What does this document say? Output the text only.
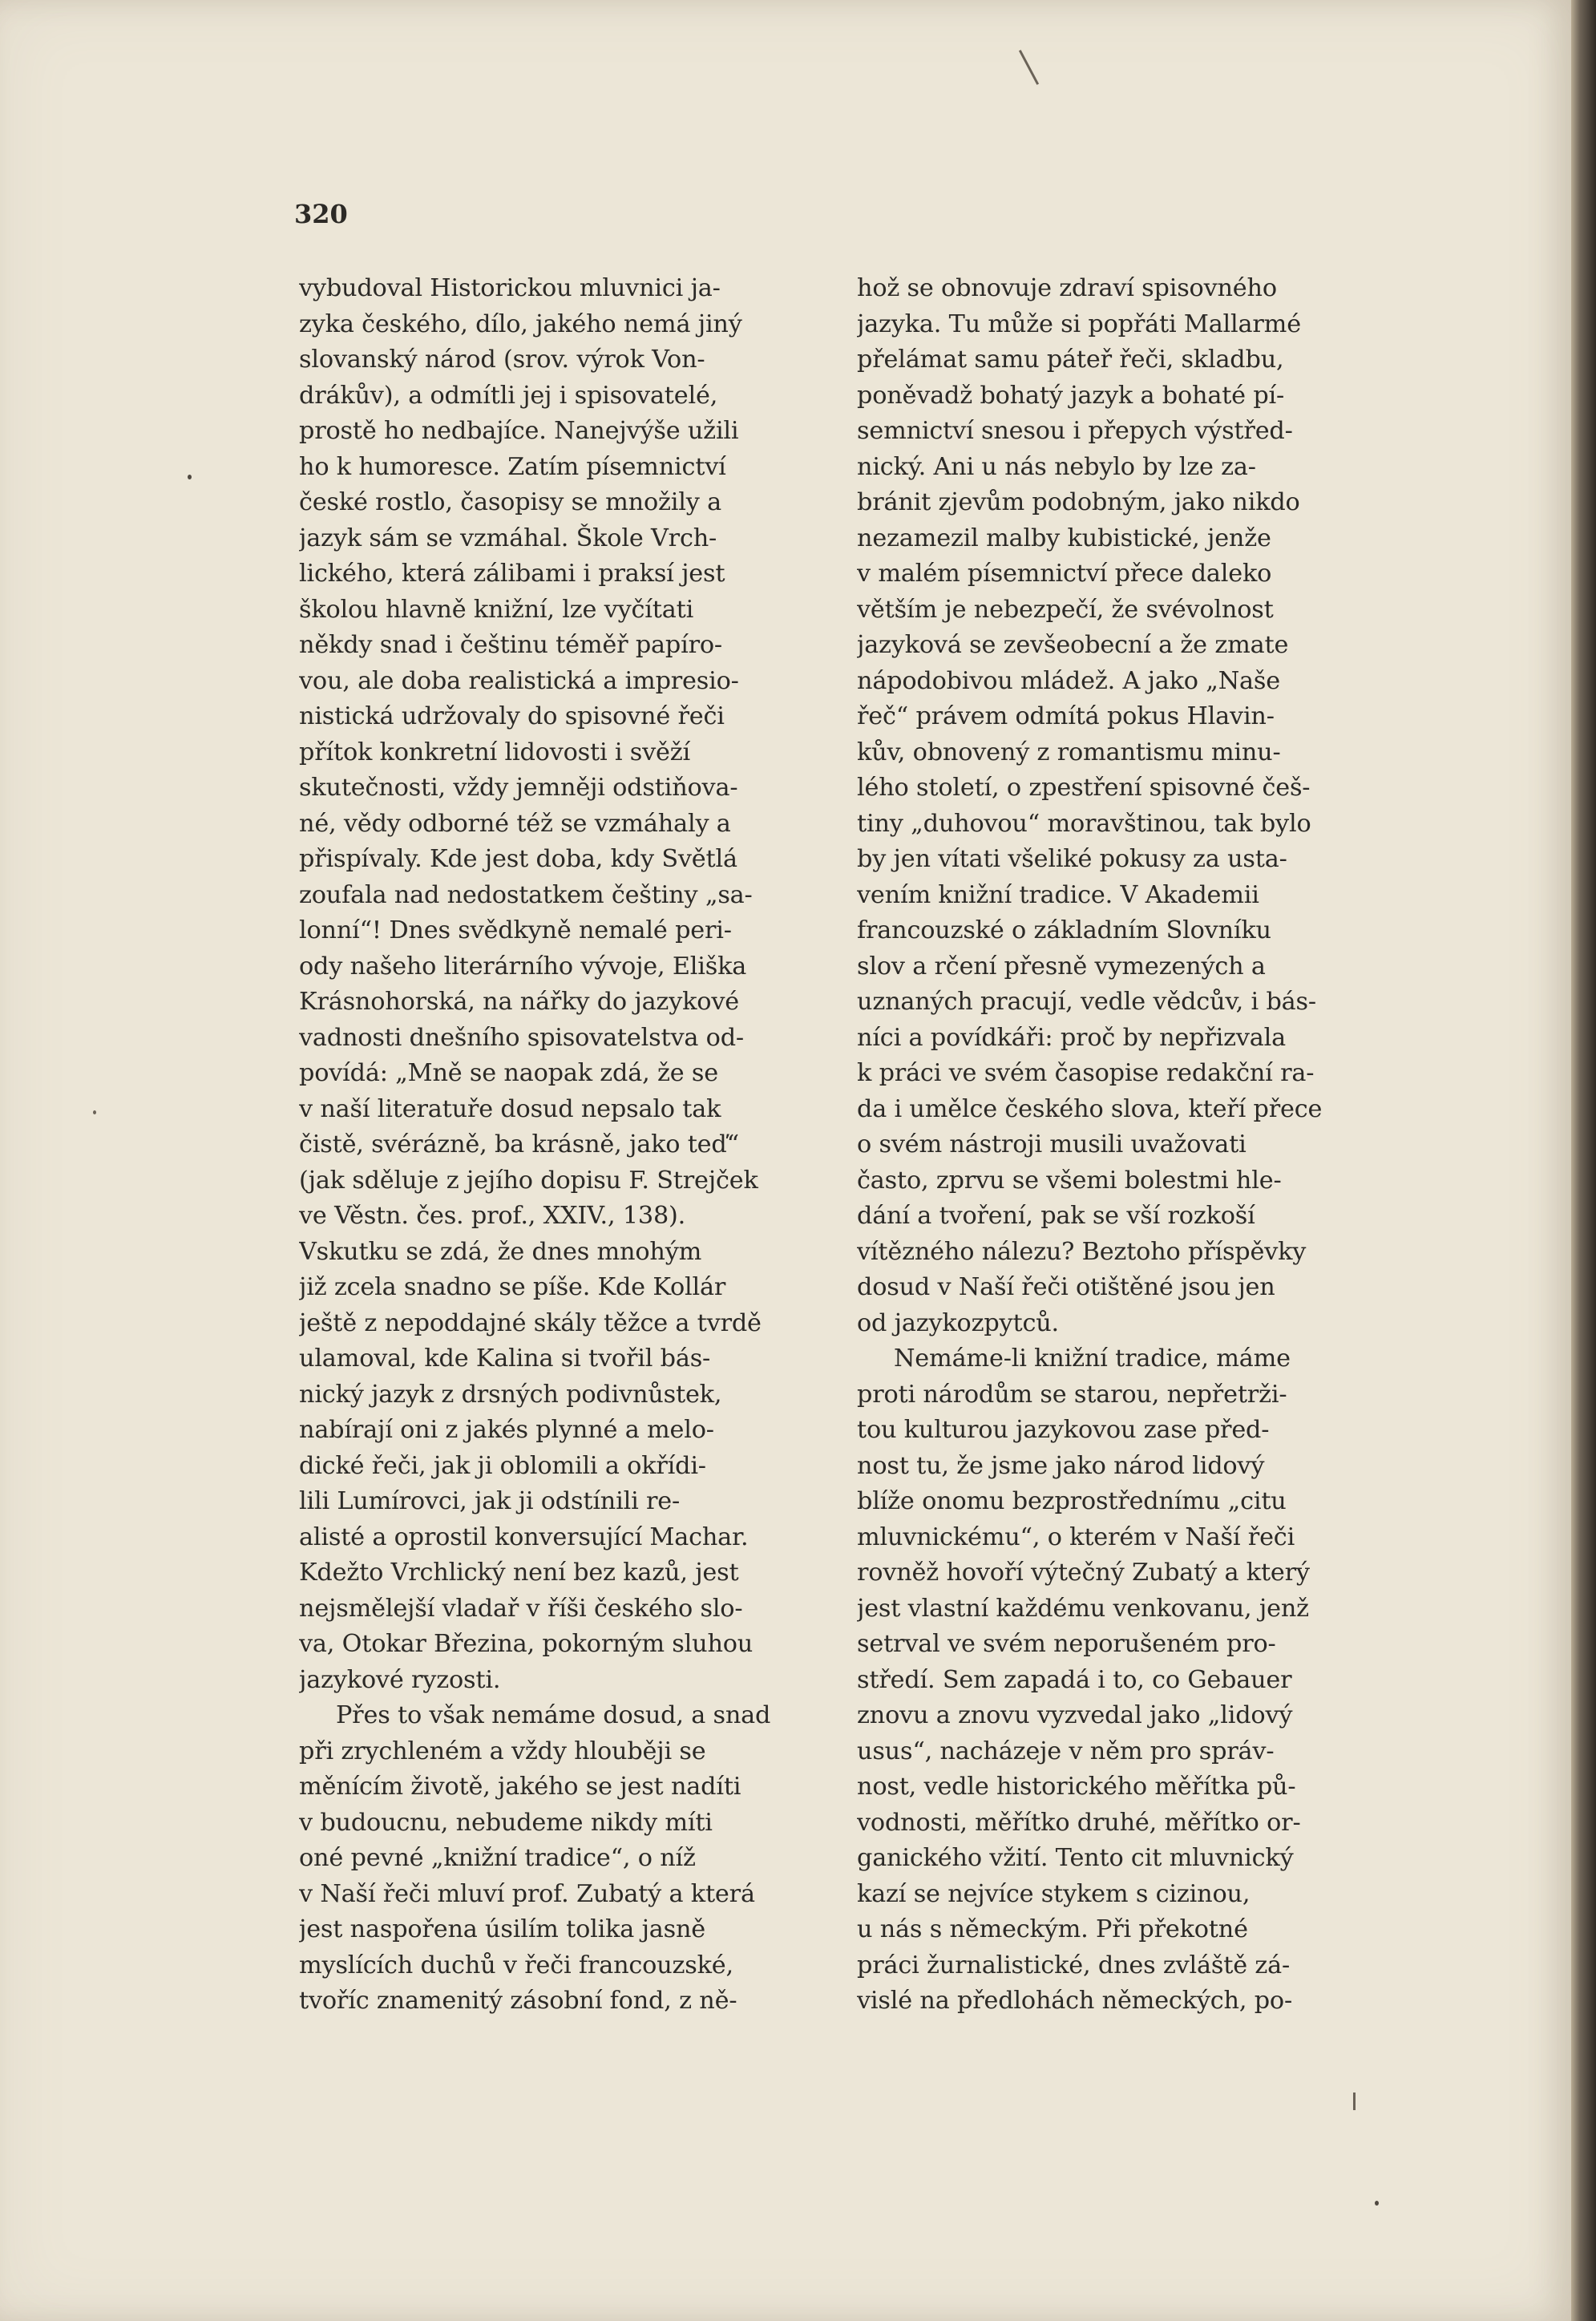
320

vybudoval Historickou mluvnici ja-
zyka českého, dílo, jakého nemá jiný
slovanský národ (srov. výrok Von-
drákův), a odmítli jej i spisovatelé,
prostě ho nedbajíce. Nanejvýše užili
ho k humoresce. Zatím písemnictví
české rostlo, časopisy se množily a
jazyk sám se vzmáhal. Škole Vrch-
lického, která zálibami i praksí jest
školou hlavně knižní, lze vyčítati
někdy snad i češtinu téměř papíro-
vou, ale doba realistická a impresio-
nistická udržovaly do spisovné řeči
přítok konkretní lidovosti i svěží
skutečnosti, vždy jemněji odstiňova-
né, vědy odborné též se vzmáhaly a
přispívaly. Kde jest doba, kdy Světlá
zoufala nad nedostatkem češtiny „sa-
lonní“! Dnes svědkyně nemalé peri-
ody našeho literárního vývoje, Eliška
Krásnohorská, na nářky do jazykové
vadnosti dnešního spisovatelstva od-
povídá: „Mně se naopak zdá, že se
v naší literatuře dosud nepsalo tak
čistě, svérázně, ba krásně, jako teď“
(jak sděluje z jejího dopisu F. Strejček
ve Věstn. čes. prof., XXIV., 138).
Vskutku se zdá, že dnes mnohým
již zcela snadno se píše. Kde Kollár
ještě z nepoddajné skály těžce a tvrdě
ulamoval, kde Kalina si tvořil bás-
nický jazyk z drsných podivnůstek,
nabírají oni z jakés plynné a melo-
dické řeči, jak ji oblomili a okřídi-
lili Lumírovci, jak ji odstínili re-
alisté a oprostil konversující Machar.
Kdežto Vrchlický není bez kazů, jest
nejsmělejší vladař v říši českého slo-
va, Otokar Březina, pokorným sluhou
jazykové ryzosti.
Přes to však nemáme dosud, a snad
při zrychleném a vždy hlouběji se
měnícím životě, jakého se jest nadíti
v budoucnu, nebudeme nikdy míti
oné pevné „knižní tradice“, o níž
v Naší řeči mluví prof. Zubatý a která
jest naspořena úsilím tolika jasně
myslících duchů v řeči francouzské,
tvoříc znamenitý zásobní fond, z ně-
hož se obnovuje zdraví spisovného
jazyka. Tu může si popřáti Mallarmé
přelámat samu páteř řeči, skladbu,
poněvadž bohatý jazyk a bohaté pí-
semnictví snesou i přepych výstřed-
nický. Ani u nás nebylo by lze za-
bránit zjevům podobným, jako nikdo
nezamezil malby kubistické, jenže
v malém písemnictví přece daleko
větším je nebezpečí, že svévolnost
jazyková se zevšeobecní a že zmate
nápodobivou mládež. A jako „Naše
řeč“ právem odmítá pokus Hlavin-
kův, obnovený z romantismu minu-
lého století, o zpestření spisovné češ-
tiny „duhovou“ moravštinou, tak bylo
by jen vítati všeliké pokusy za usta-
vením knižní tradice. V Akademii
francouzské o základním Slovníku
slov a rčení přesně vymezených a
uznaných pracují, vedle vědcův, i bás-
níci a povídkáři: proč by nepřizvala
k práci ve svém časopise redakční ra-
da i umělce českého slova, kteří přece
o svém nástroji musili uvažovati
často, zprvu se všemi bolestmi hle-
dání a tvoření, pak se vší rozkoší
vítězného nálezu? Beztoho příspěvky
dosud v Naší řeči otištěné jsou jen
od jazykozpytců.
Nemáme-li knižní tradice, máme
proti národům se starou, nepřetrži-
tou kulturou jazykovou zase před-
nost tu, že jsme jako národ lidový
blíže onomu bezprostřednímu „citu
mluvnickému“, o kterém v Naší řeči
rovněž hovoří výtečný Zubatý a který
jest vlastní každému venkovanu, jenž
setrval ve svém neporušeném pro-
středí. Sem zapadá i to, co Gebauer
znovu a znovu vyzvedal jako „lidový
usus“, nacházeje v něm pro správ-
nost, vedle historického měřítka pů-
vodnosti, měřítko druhé, měřítko or-
ganického vžití. Tento cit mluvnický
kazí se nejvíce stykem s cizinou,
u nás s německým. Při překotné
práci žurnalistické, dnes zvláště zá-
vislé na předlohách německých, po-
